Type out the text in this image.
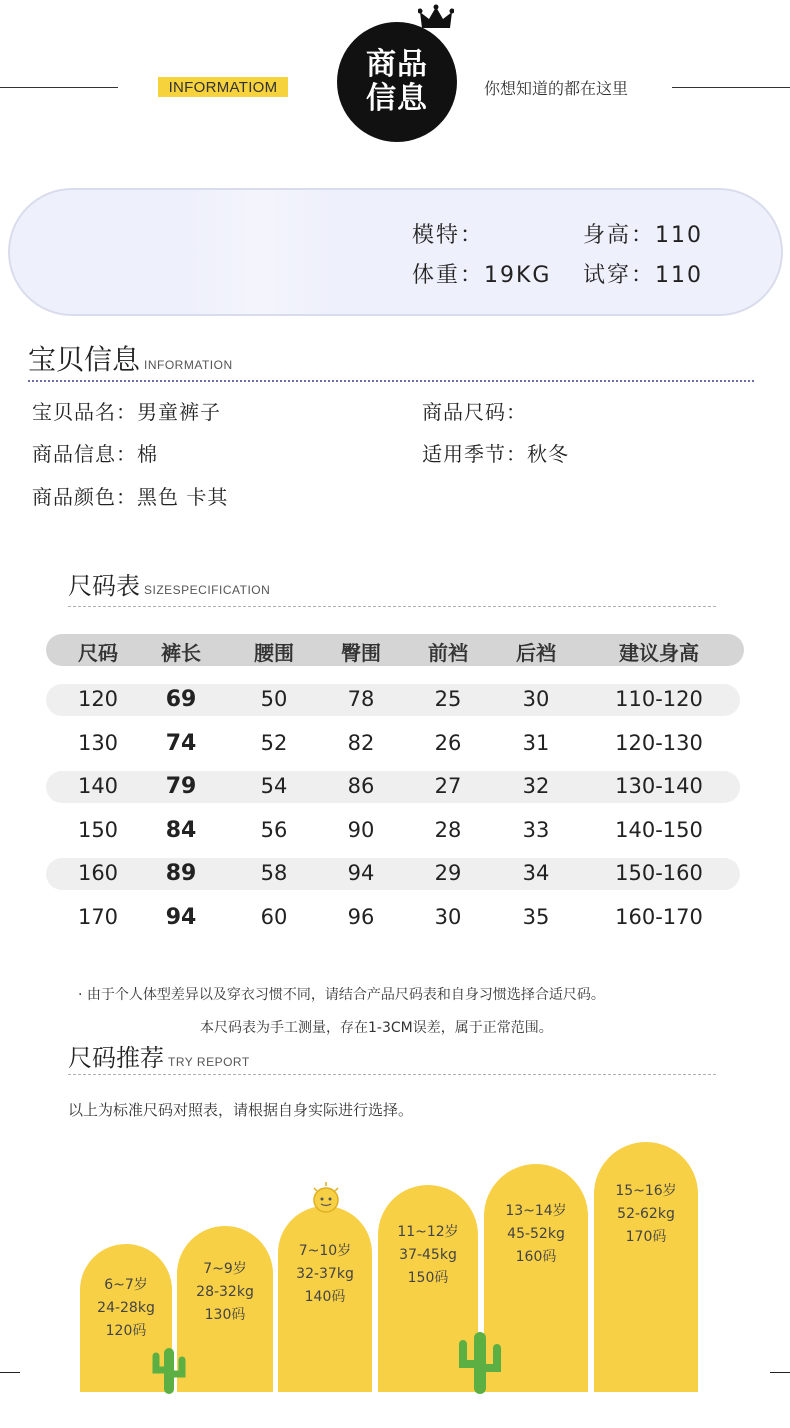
INFORMATIOM
商品
信息	你想知道的都在这里
模特：	身高：110
体重：19KG 试穿：110
宝贝信息 INFORMATION
宝贝品名：男童裤子	商品尺码：
商品信息：棉	适用季节：秋冬
商品颜色：黑色 卡其
尺码表 SIZESPECIFICATION
尺码	裤长	腰围	臀围	前裆	后裆	建议身高
120	69	50	78	25	30	110-120
130	74	52	82	26	31	120-130
140	79	54	86	27	32	130-140
150	84	56	90	28	33	140-150
160	89	58	94	29	34	150-160
170	94	60	96	30	35	160-170
· 由于个人体型差异以及穿衣习惯不同，请结合产品尺码表和自身习惯选择合适尺码。
本尺码表为手工测量，存在1-3CM误差，属于正常范围。
尺码推荐 TRY REPORT
以上为标准尺码对照表，请根据自身实际进行选择。
6~7岁
24-28kg
120码
7~9岁
28-32kg
130码
7~10岁
32-37kg
140码
11~12岁
37-45kg
150码
13~14岁
45-52kg
160码
15~16岁
52-62kg
170码
